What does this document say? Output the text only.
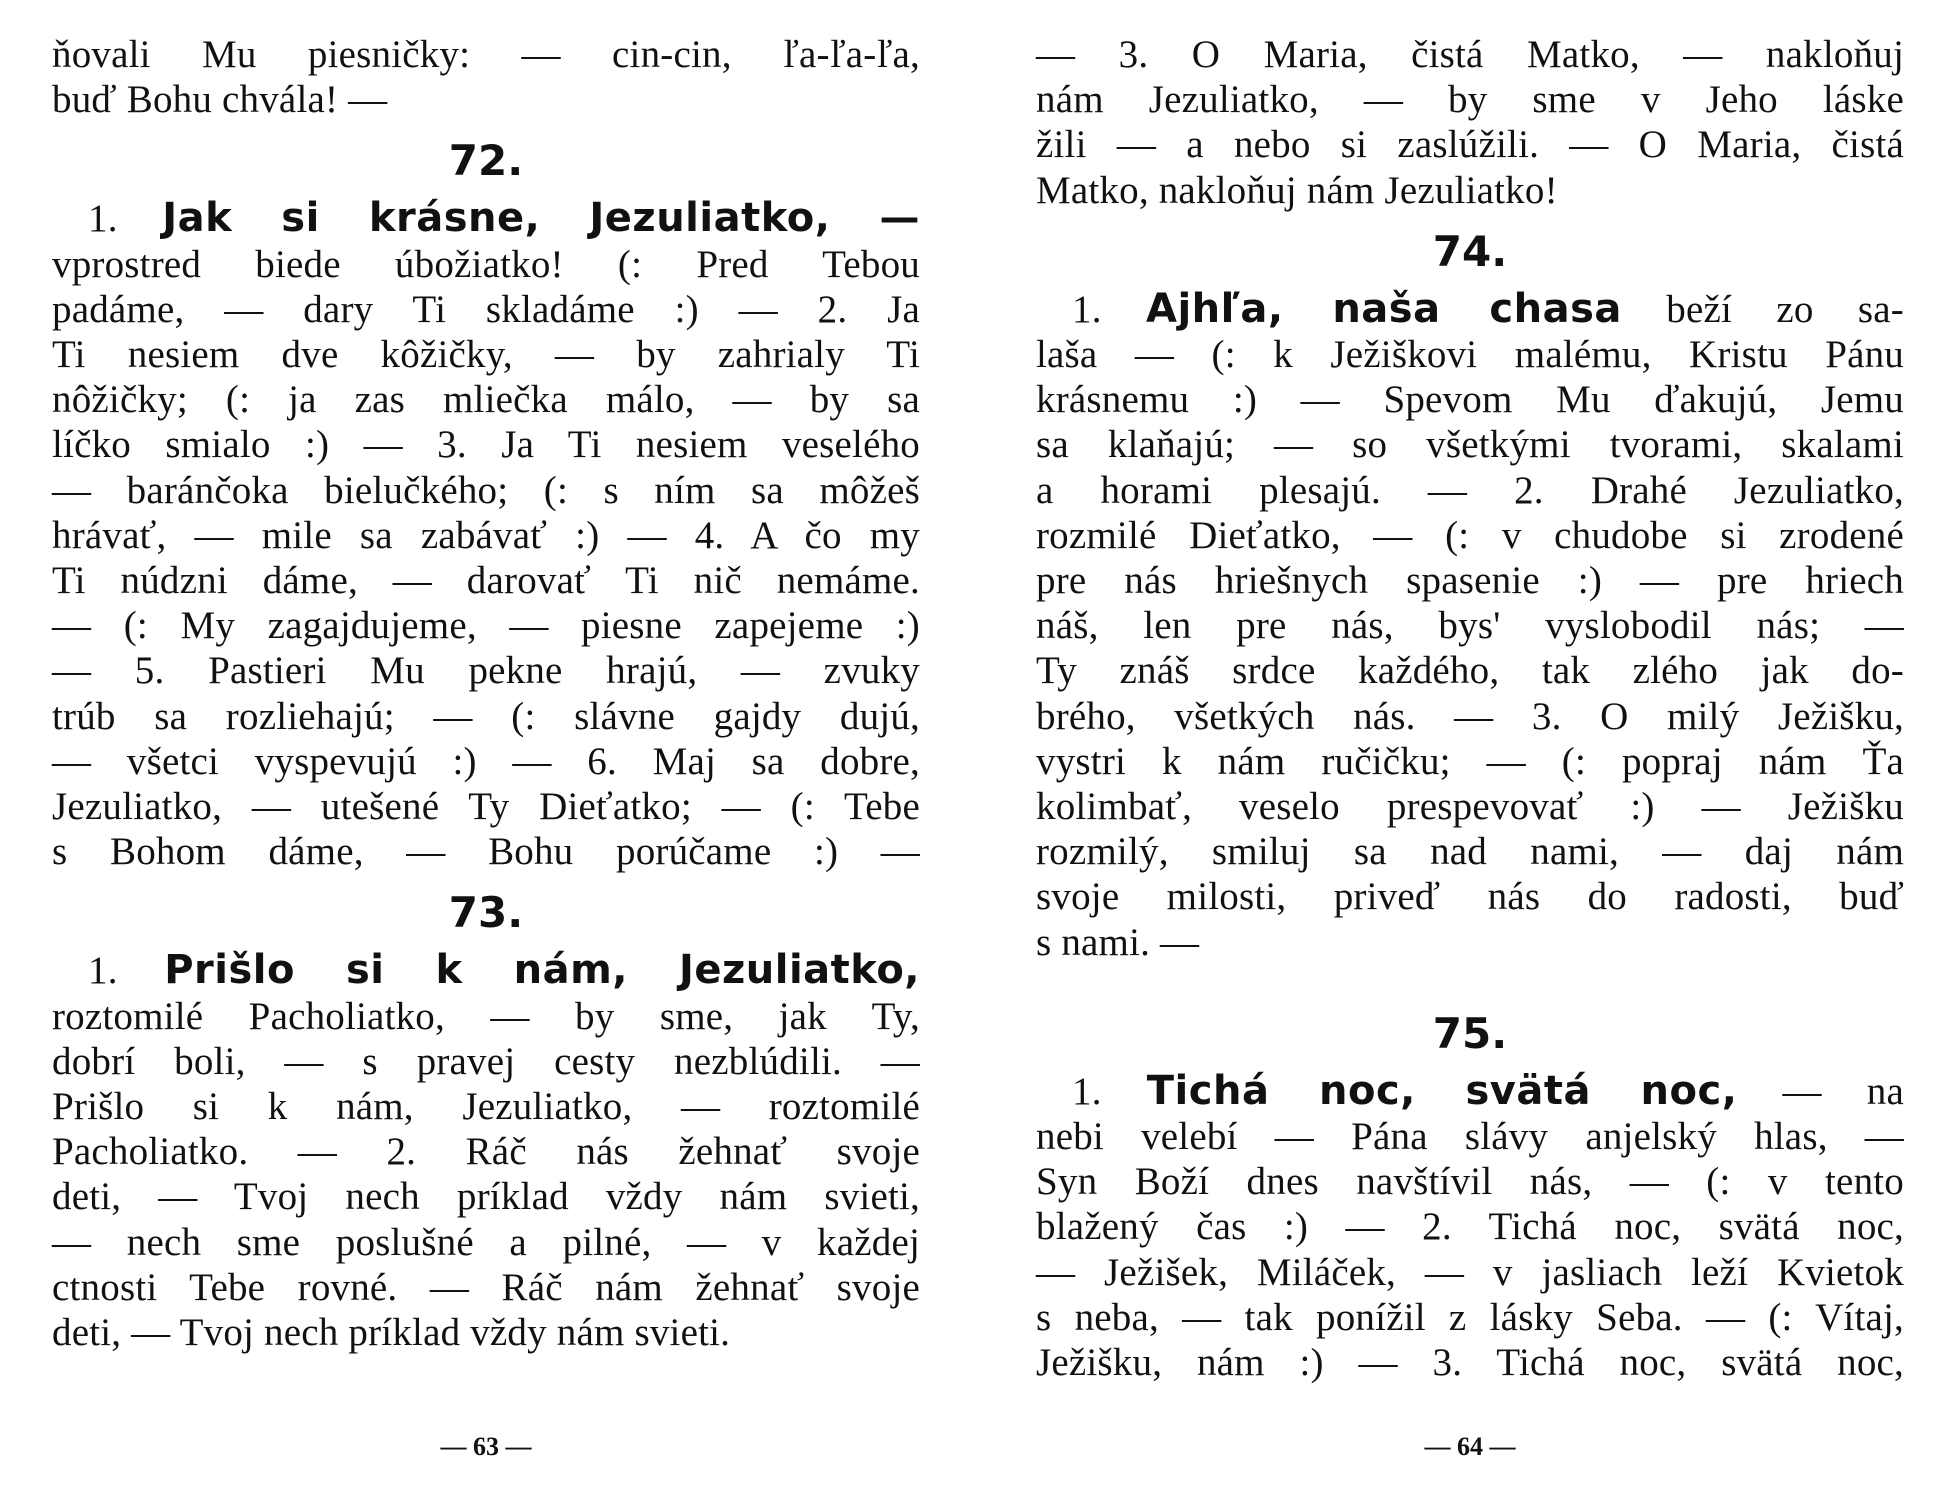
ňovali Mu piesničky: — cin-cin, ľa-ľa-ľa,
buď Bohu chvála! —
72.
1. Jak si krásne, Jezuliatko, —
vprostred biede úbožiatko! (: Pred Tebou
padáme, — dary Ti skladáme :) — 2. Ja
Ti nesiem dve kôžičky, — by zahrialy Ti
nôžičky; (: ja zas mliečka málo, — by sa
líčko smialo :) — 3. Ja Ti nesiem veselého
— baránčoka bielučkého; (: s ním sa môžeš
hrávať, — mile sa zabávať :) — 4. A čo my
Ti núdzni dáme, — darovať Ti nič nemáme.
— (: My zagajdujeme, — piesne zapejeme :)
— 5. Pastieri Mu pekne hrajú, — zvuky
trúb sa rozliehajú; — (: slávne gajdy dujú,
— všetci vyspevujú :) — 6. Maj sa dobre,
Jezuliatko, — utešené Ty Dieťatko; — (: Tebe
s Bohom dáme, — Bohu porúčame :) —
73.
1. Prišlo si k nám, Jezuliatko,
roztomilé Pacholiatko, — by sme, jak Ty,
dobrí boli, — s pravej cesty nezblúdili. —
Prišlo si k nám, Jezuliatko, — roztomilé
Pacholiatko. — 2. Ráč nás žehnať svoje
deti, — Tvoj nech príklad vždy nám svieti,
— nech sme poslušné a pilné, — v každej
ctnosti Tebe rovné. — Ráč nám žehnať svoje
deti, — Tvoj nech príklad vždy nám svieti.
— 63 —
— 3. O Maria, čistá Matko, — nakloňuj
nám Jezuliatko, — by sme v Jeho láske
žili — a nebo si zaslúžili. — O Maria, čistá
Matko, nakloňuj nám Jezuliatko!
74.
1. Ajhľa, naša chasa beží zo sa-
laša — (: k Ježiškovi malému, Kristu Pánu
krásnemu :) — Spevom Mu ďakujú, Jemu
sa klaňajú; — so všetkými tvorami, skalami
a horami plesajú. — 2. Drahé Jezuliatko,
rozmilé Dieťatko, — (: v chudobe si zrodené
pre nás hriešnych spasenie :) — pre hriech
náš, len pre nás, bys' vyslobodil nás; —
Ty znáš srdce každého, tak zlého jak do-
brého, všetkých nás. — 3. O milý Ježišku,
vystri k nám ručičku; — (: popraj nám Ťa
kolimbať, veselo prespevovať :) — Ježišku
rozmilý, smiluj sa nad nami, — daj nám
svoje milosti, priveď nás do radosti, buď
s nami. —
75.
1. Tichá noc, svätá noc, — na
nebi velebí — Pána slávy anjelský hlas, —
Syn Boží dnes navštívil nás, — (: v tento
blažený čas :) — 2. Tichá noc, svätá noc,
— Ježišek, Miláček, — v jasliach leží Kvietok
s neba, — tak ponížil z lásky Seba. — (: Vítaj,
Ježišku, nám :) — 3. Tichá noc, svätá noc,
— 64 —
